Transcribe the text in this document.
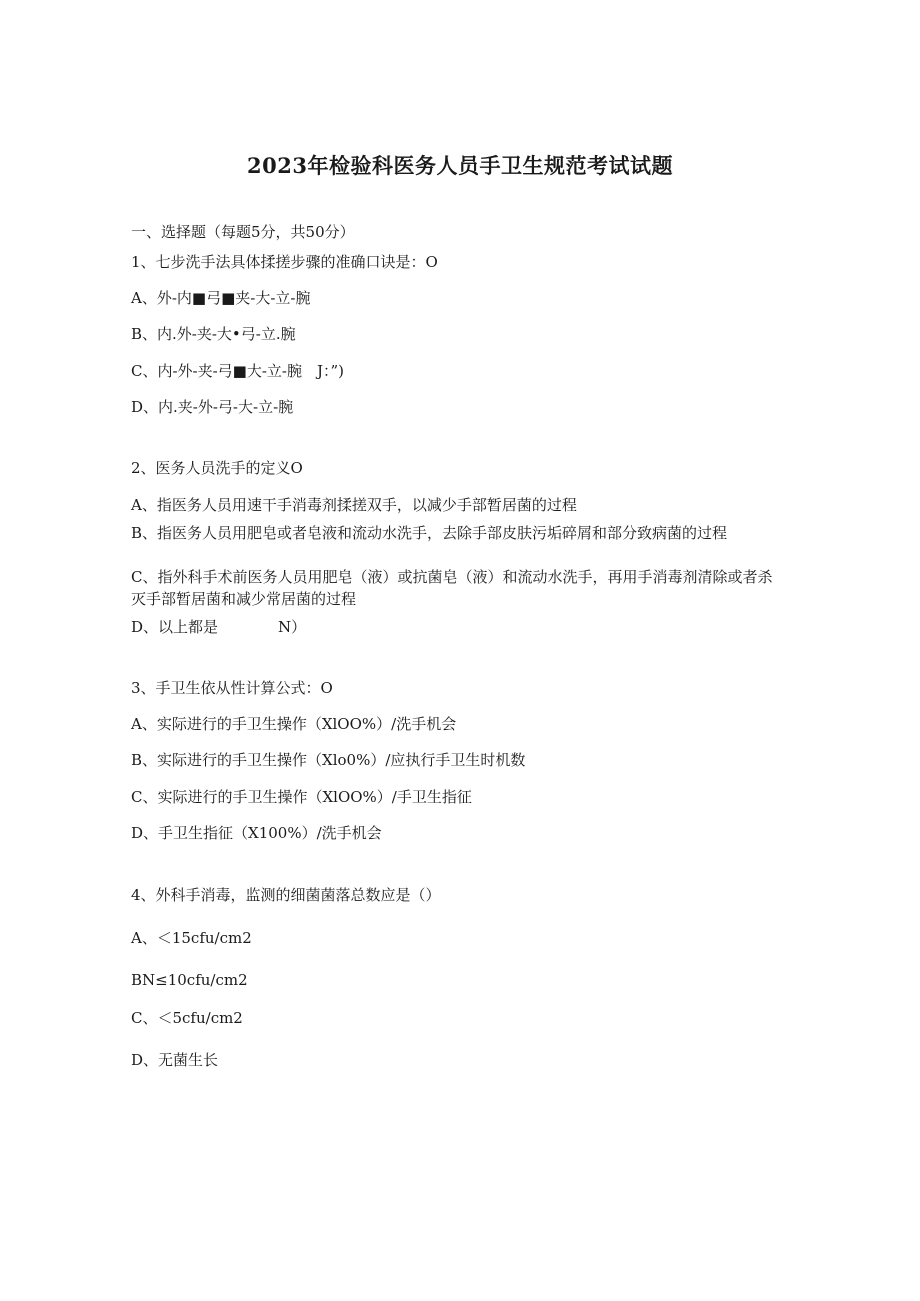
2023年检验科医务人员手卫生规范考试试题
一、选择题（每题5分，共50分）
1、七步洗手法具体揉搓步骤的准确口诀是：O
A、外-内■弓■夹-大-立-腕
B、内.外-夹-大•弓-立.腕
C、内-外-夹-弓■大-立-腕　J：”)
D、内.夹-外-弓-大-立-腕
2、医务人员洗手的定义O
A、指医务人员用速干手消毒剂揉搓双手，以减少手部暂居菌的过程
B、指医务人员用肥皂或者皂液和流动水洗手，去除手部皮肤污垢碎屑和部分致病菌的过程
C、指外科手术前医务人员用肥皂（液）或抗菌皂（液）和流动水洗手，再用手消毒剂清除或者杀灭手部暂居菌和减少常居菌的过程
D、以上都是　　　　N）
3、手卫生依从性计算公式：O
A、实际进行的手卫生操作（XlOO%）/洗手机会
B、实际进行的手卫生操作（Xlo0%）/应执行手卫生时机数
C、实际进行的手卫生操作（XlOO%）/手卫生指征
D、手卫生指征（X100%）/洗手机会
4、外科手消毒，监测的细菌菌落总数应是（）
A、＜15cfu∕cm2
BN≤10cfu∕cm2
C、＜5cfu∕cm2
D、无菌生长
